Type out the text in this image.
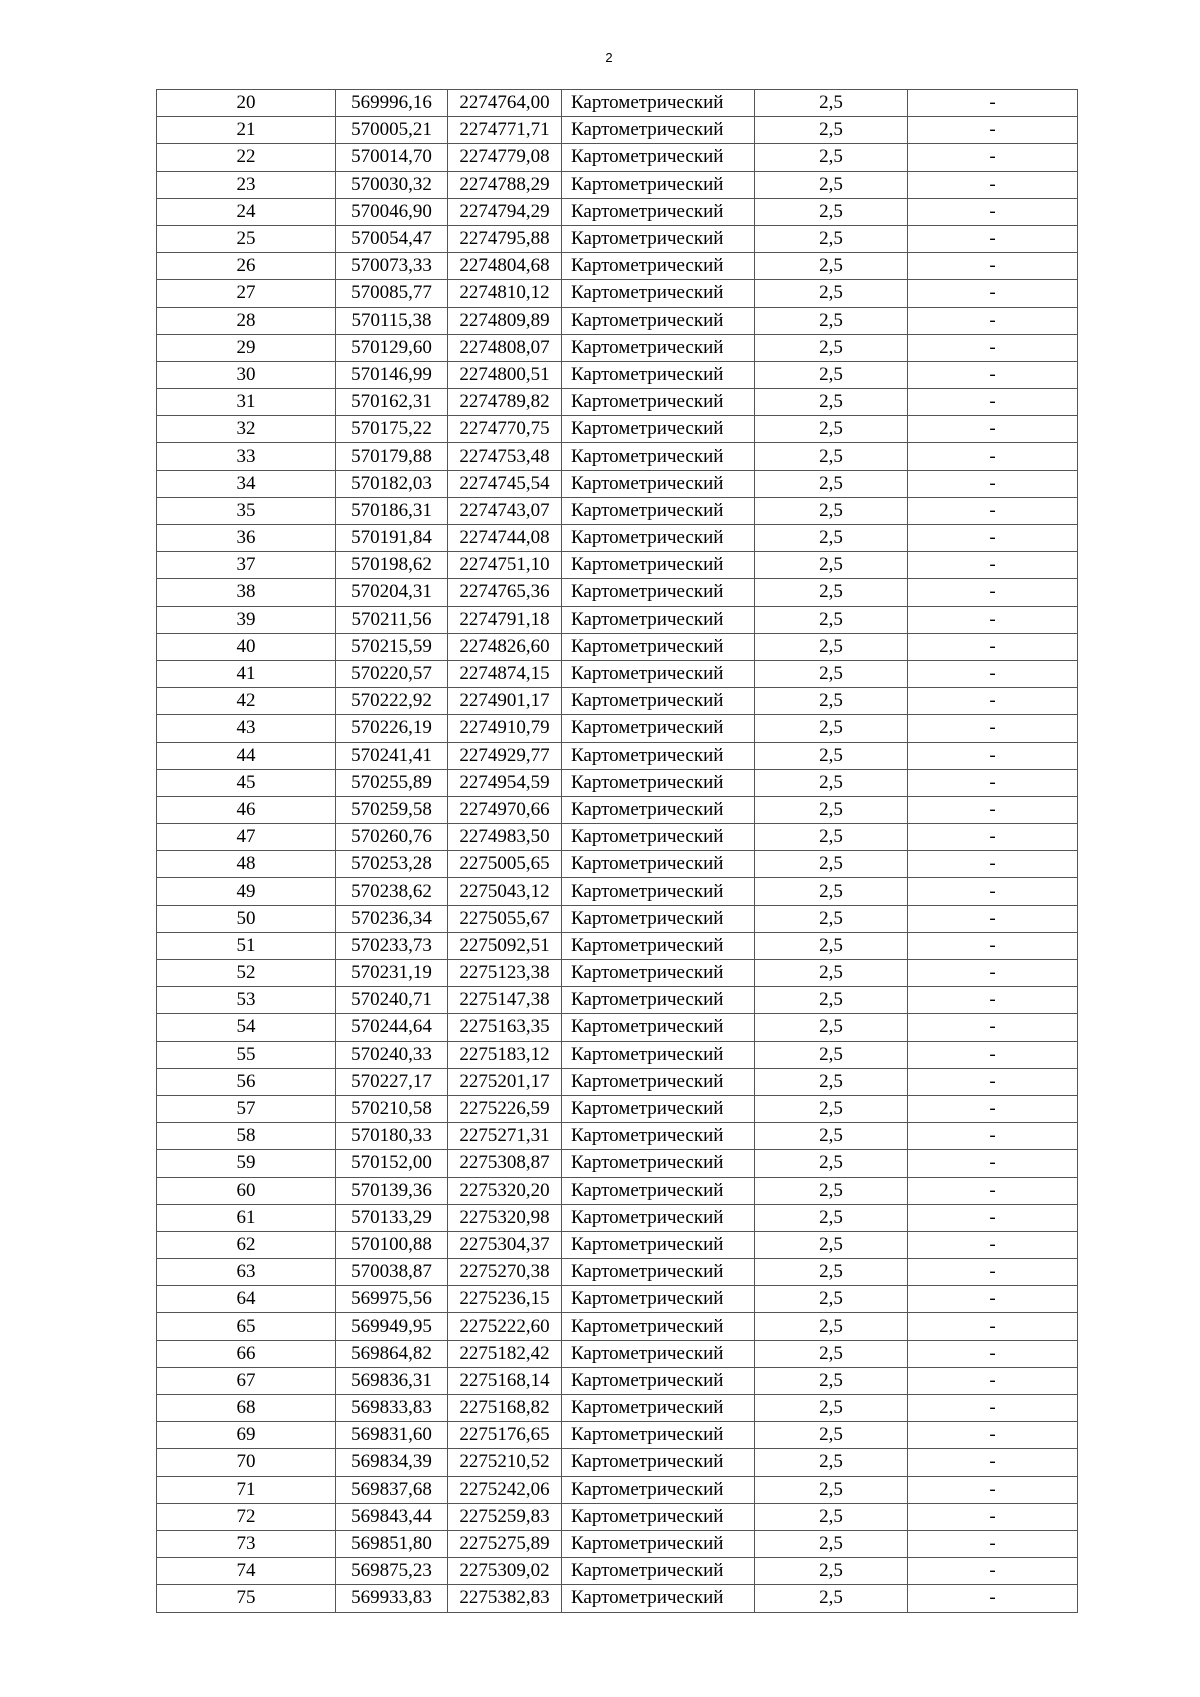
2
20	569996,16	2274764,00	Картометрический	2,5	-
21	570005,21	2274771,71	Картометрический	2,5	-
22	570014,70	2274779,08	Картометрический	2,5	-
23	570030,32	2274788,29	Картометрический	2,5	-
24	570046,90	2274794,29	Картометрический	2,5	-
25	570054,47	2274795,88	Картометрический	2,5	-
26	570073,33	2274804,68	Картометрический	2,5	-
27	570085,77	2274810,12	Картометрический	2,5	-
28	570115,38	2274809,89	Картометрический	2,5	-
29	570129,60	2274808,07	Картометрический	2,5	-
30	570146,99	2274800,51	Картометрический	2,5	-
31	570162,31	2274789,82	Картометрический	2,5	-
32	570175,22	2274770,75	Картометрический	2,5	-
33	570179,88	2274753,48	Картометрический	2,5	-
34	570182,03	2274745,54	Картометрический	2,5	-
35	570186,31	2274743,07	Картометрический	2,5	-
36	570191,84	2274744,08	Картометрический	2,5	-
37	570198,62	2274751,10	Картометрический	2,5	-
38	570204,31	2274765,36	Картометрический	2,5	-
39	570211,56	2274791,18	Картометрический	2,5	-
40	570215,59	2274826,60	Картометрический	2,5	-
41	570220,57	2274874,15	Картометрический	2,5	-
42	570222,92	2274901,17	Картометрический	2,5	-
43	570226,19	2274910,79	Картометрический	2,5	-
44	570241,41	2274929,77	Картометрический	2,5	-
45	570255,89	2274954,59	Картометрический	2,5	-
46	570259,58	2274970,66	Картометрический	2,5	-
47	570260,76	2274983,50	Картометрический	2,5	-
48	570253,28	2275005,65	Картометрический	2,5	-
49	570238,62	2275043,12	Картометрический	2,5	-
50	570236,34	2275055,67	Картометрический	2,5	-
51	570233,73	2275092,51	Картометрический	2,5	-
52	570231,19	2275123,38	Картометрический	2,5	-
53	570240,71	2275147,38	Картометрический	2,5	-
54	570244,64	2275163,35	Картометрический	2,5	-
55	570240,33	2275183,12	Картометрический	2,5	-
56	570227,17	2275201,17	Картометрический	2,5	-
57	570210,58	2275226,59	Картометрический	2,5	-
58	570180,33	2275271,31	Картометрический	2,5	-
59	570152,00	2275308,87	Картометрический	2,5	-
60	570139,36	2275320,20	Картометрический	2,5	-
61	570133,29	2275320,98	Картометрический	2,5	-
62	570100,88	2275304,37	Картометрический	2,5	-
63	570038,87	2275270,38	Картометрический	2,5	-
64	569975,56	2275236,15	Картометрический	2,5	-
65	569949,95	2275222,60	Картометрический	2,5	-
66	569864,82	2275182,42	Картометрический	2,5	-
67	569836,31	2275168,14	Картометрический	2,5	-
68	569833,83	2275168,82	Картометрический	2,5	-
69	569831,60	2275176,65	Картометрический	2,5	-
70	569834,39	2275210,52	Картометрический	2,5	-
71	569837,68	2275242,06	Картометрический	2,5	-
72	569843,44	2275259,83	Картометрический	2,5	-
73	569851,80	2275275,89	Картометрический	2,5	-
74	569875,23	2275309,02	Картометрический	2,5	-
75	569933,83	2275382,83	Картометрический	2,5	-
